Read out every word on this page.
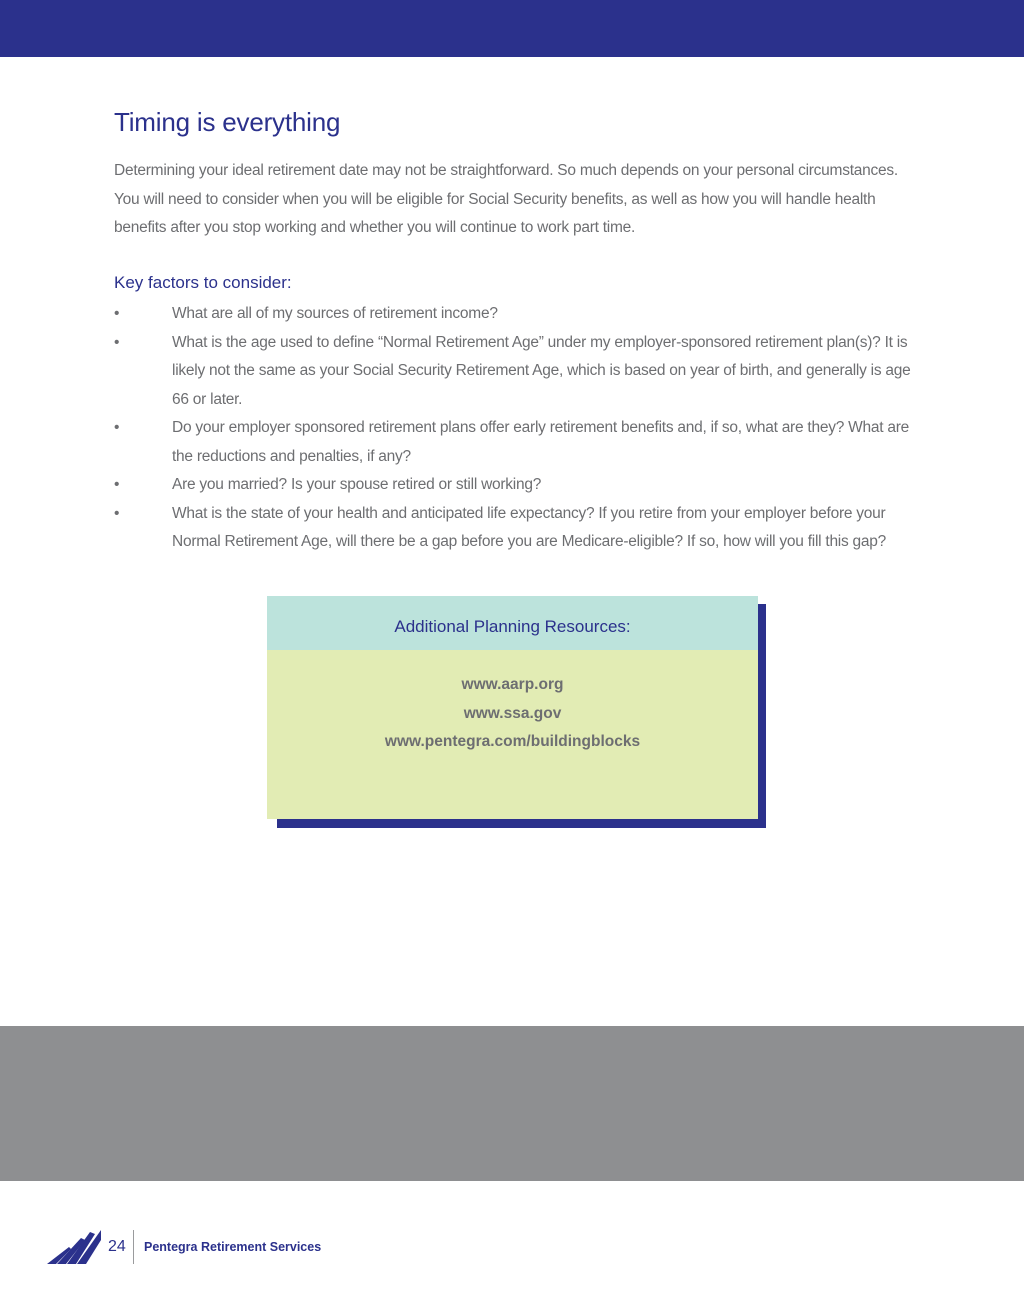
Timing is everything

Determining your ideal retirement date may not be straightforward. So much depends on your personal circumstances. You will need to consider when you will be eligible for Social Security benefits, as well as how you will handle health benefits after you stop working and whether you will continue to work part time.

Key factors to consider:
•	What are all of my sources of retirement income?
•	What is the age used to define “Normal Retirement Age” under my employer-sponsored retirement plan(s)? It is likely not the same as your Social Security Retirement Age, which is based on year of birth, and generally is age 66 or later.
•	Do your employer sponsored retirement plans offer early retirement benefits and, if so, what are they? What are the reductions and penalties, if any?
•	Are you married? Is your spouse retired or still working?
•	What is the state of your health and anticipated life expectancy? If you retire from your employer before your Normal Retirement Age, will there be a gap before you are Medicare-eligible? If so, how will you fill this gap?
Additional Planning Resources:
www.aarp.org
www.ssa.gov
www.pentegra.com/buildingblocks
24 Pentegra Retirement Services
